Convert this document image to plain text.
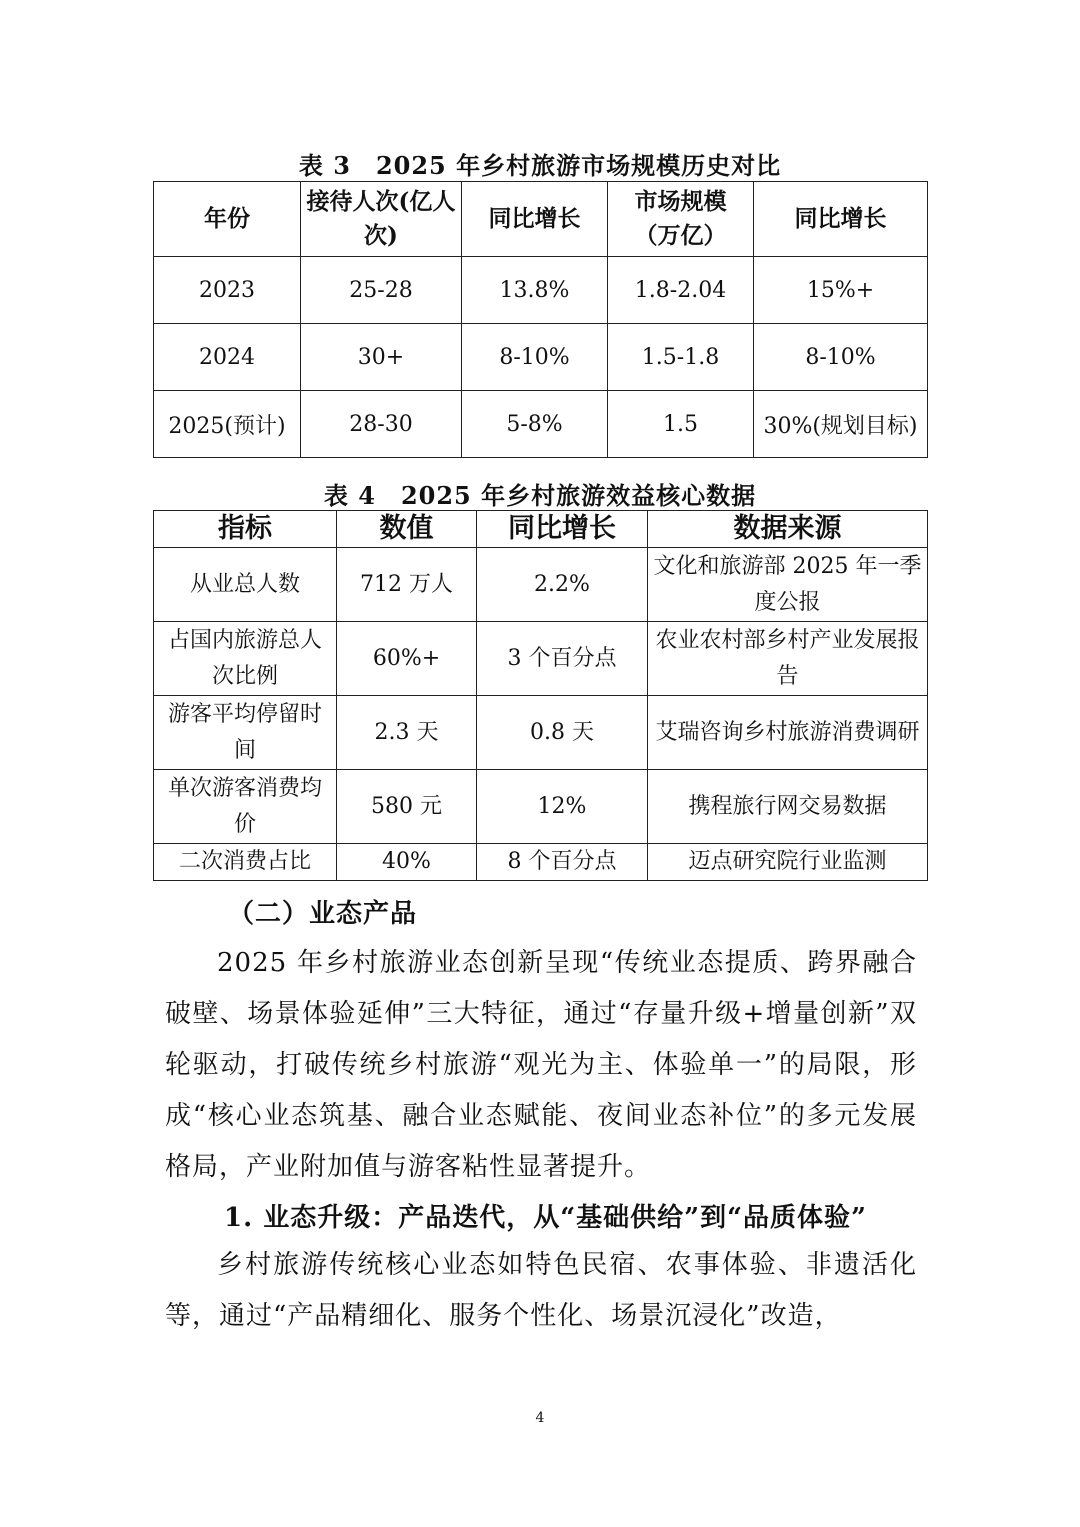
表 3　2025 年乡村旅游市场规模历史对比
年份	接待人次(亿人次)	同比增长	市场规模（万亿）	同比增长
2023	25-28	13.8%	1.8-2.04	15%+
2024	30+	8-10%	1.5-1.8	8-10%
2025(预计)	28-30	5-8%	1.5	30%(规划目标)
表 4　2025 年乡村旅游效益核心数据
指标	数值	同比增长	数据来源
从业总人数	712 万人	2.2%	文化和旅游部 2025 年一季度公报
占国内旅游总人次比例	60%+	3 个百分点	农业农村部乡村产业发展报告
游客平均停留时间	2.3 天	0.8 天	艾瑞咨询乡村旅游消费调研
单次游客消费均价	580 元	12%	携程旅行网交易数据
二次消费占比	40%	8 个百分点	迈点研究院行业监测
（二）业态产品
2025 年乡村旅游业态创新呈现“传统业态提质、跨界融合破壁、场景体验延伸”三大特征，通过“存量升级+增量创新”双轮驱动，打破传统乡村旅游“观光为主、体验单一”的局限，形成“核心业态筑基、融合业态赋能、夜间业态补位”的多元发展格局，产业附加值与游客粘性显著提升。
1. 业态升级：产品迭代，从“基础供给”到“品质体验”
乡村旅游传统核心业态如特色民宿、农事体验、非遗活化等，通过“产品精细化、服务个性化、场景沉浸化”改造，
4
